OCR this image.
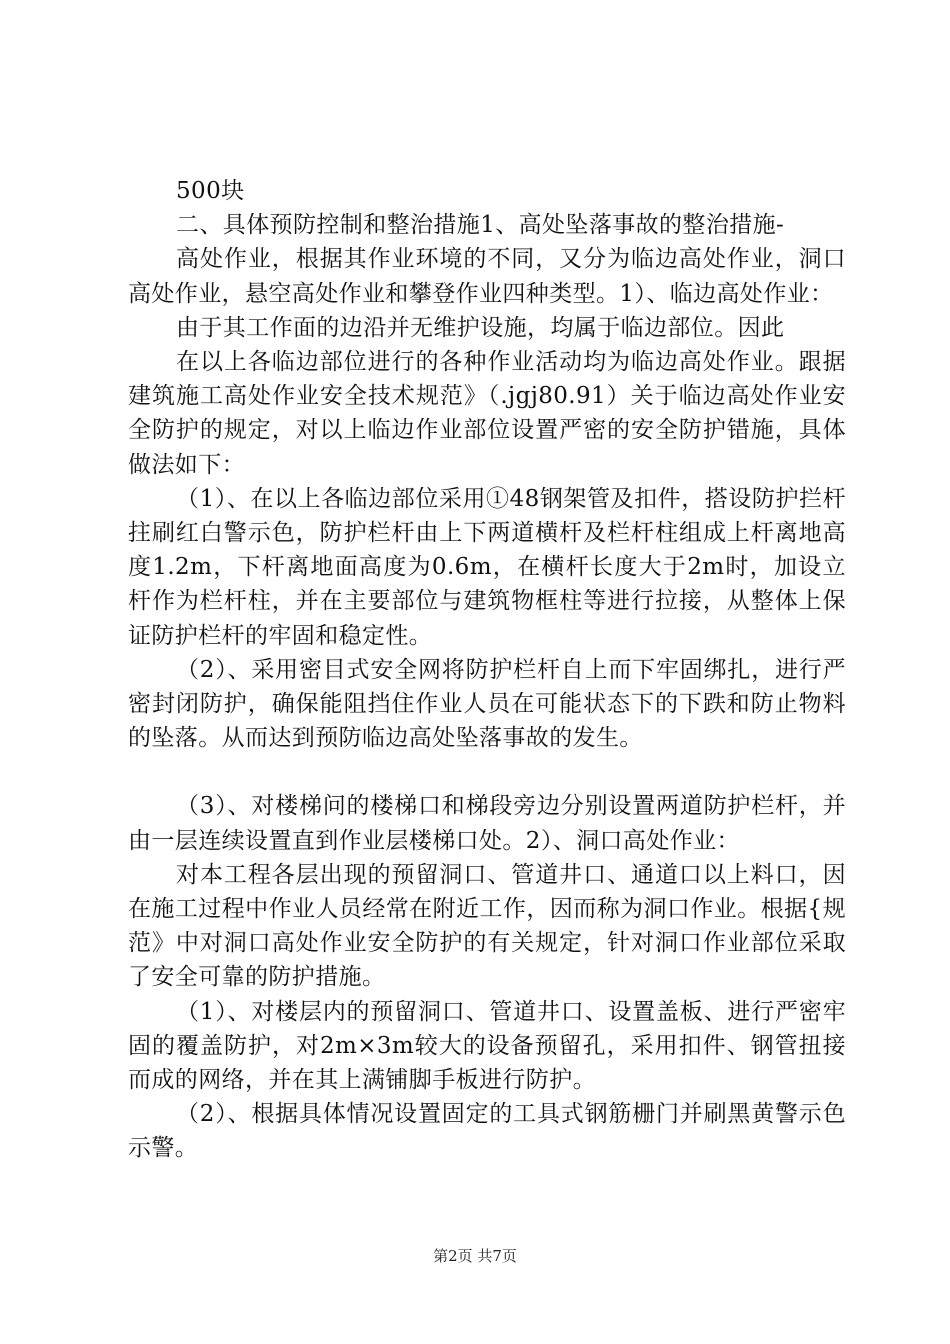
500块

二、具体预防控制和整治措施1、高处坠落事故的整治措施-

高处作业，根据其作业环境的不同，又分为临边高处作业，洞口高处作业，悬空高处作业和攀登作业四种类型。1）、临边高处作业：

由于其工作面的边沿并无维护设施，均属于临边部位。因此

在以上各临边部位进行的各种作业活动均为临边高处作业。跟据建筑施工高处作业安全技术规范》（.jgj80.91）关于临边高处作业安全防护的规定，对以上临边作业部位设置严密的安全防护错施，具体做法如下：

（1）、在以上各临边部位采用①48钢架管及扣件，搭设防护拦杆拄刷红白警示色，防护栏杆由上下两道横杆及栏杆柱组成上杆离地高度1.2m，下杆离地面高度为0.6m，在横杆长度大于2m时，加设立杆作为栏杆柱，并在主要部位与建筑物框柱等进行拉接，从整体上保证防护栏杆的牢固和稳定性。

（2）、采用密目式安全网将防护栏杆自上而下牢固绑扎，进行严密封闭防护，确保能阻挡住作业人员在可能状态下的下跌和防止物料的坠落。从而达到预防临边高处坠落事故的发生。

（3）、对楼梯问的楼梯口和梯段旁边分别设置两道防护栏杆，并由一层连续设置直到作业层楼梯口处。2）、洞口高处作业：

对本工程各层出现的预留洞口、管道井口、通道口以上料口，因在施工过程中作业人员经常在附近工作，因而称为洞口作业。根据{规范》中对洞口高处作业安全防护的有关规定，针对洞口作业部位采取了安全可靠的防护措施。

（1）、对楼层内的预留洞口、管道井口、设置盖板、进行严密牢固的覆盖防护，对2m×3m较大的设备预留孔，采用扣件、钢管扭接而成的网络，并在其上满铺脚手板进行防护。

（2）、根据具体情况设置固定的工具式钢筋栅门并刷黑黄警示色示警。

第2页 共7页
